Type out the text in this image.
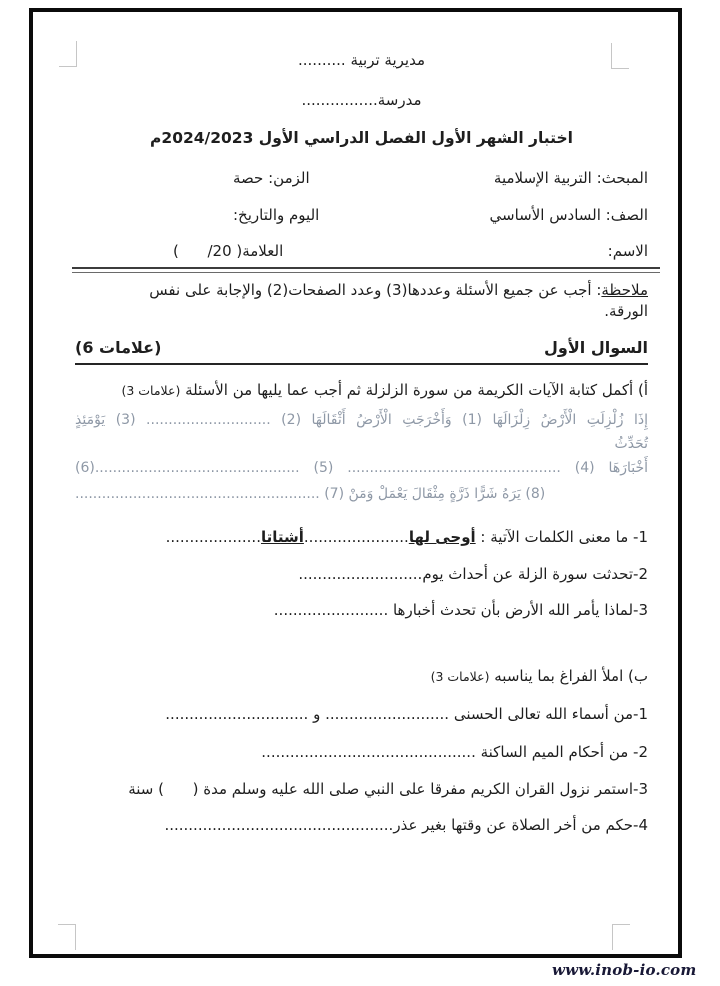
مديرية تربية ..........
مدرسة................
اختبار الشهر الأول الفصل الدراسي الأول 2024/2023م
المبحث: التربية الإسلامية
الزمن: حصة
الصف: السادس الأساسي
اليوم والتاريخ:
الاسم:
العلامة( ‎/20      )
ملاحظة: أجب عن جميع الأسئلة وعددها(3) وعدد الصفحات(2) والإجابة على نفس
الورقة.
السوال الأول
(6 علامات)
أ) أكمل كتابة الآيات الكريمة من سورة الزلزلة ثم أجب عما يليها من الأسئلة (3 علامات)
إِذَا زُلْزِلَتِ الْأَرْضُ زِلْزَالَهَا (1) وَأَخْرَجَتِ الْأَرْضُ أَثْقَالَهَا (2) ............................ (3) يَوْمَئِذٍ
تُحَدِّثُ
أَخْبَارَهَا (4) ................................................ (5) ..............................................(6)
....................................................... (7) وَمَنْ‎ يَعْمَلْ‎ مِثْقَالَ‎ ذَرَّةٍ‎ شَرًّا‎ يَرَهُ‎ (8)
1- ما معنى الكلمات الآتية : أوحى لها......................أشتاتا....................
2-تحدثت سورة الزلة عن أحداث يوم..........................
3-لماذا يأمر الله الأرض بأن تحدث أخبارها ........................
ب) املأ الفراغ بما يناسبه (3 علامات)
1-من أسماء الله تعالى الحسنى .......................... و ..............................
2- من أحكام الميم الساكنة .............................................
3-استمر نزول القران الكريم مفرقا على النبي صلى الله عليه وسلم مدة (      ) سنة
4-حكم من أخر الصلاة عن وقتها بغير عذر................................................
www.inob-io.com
